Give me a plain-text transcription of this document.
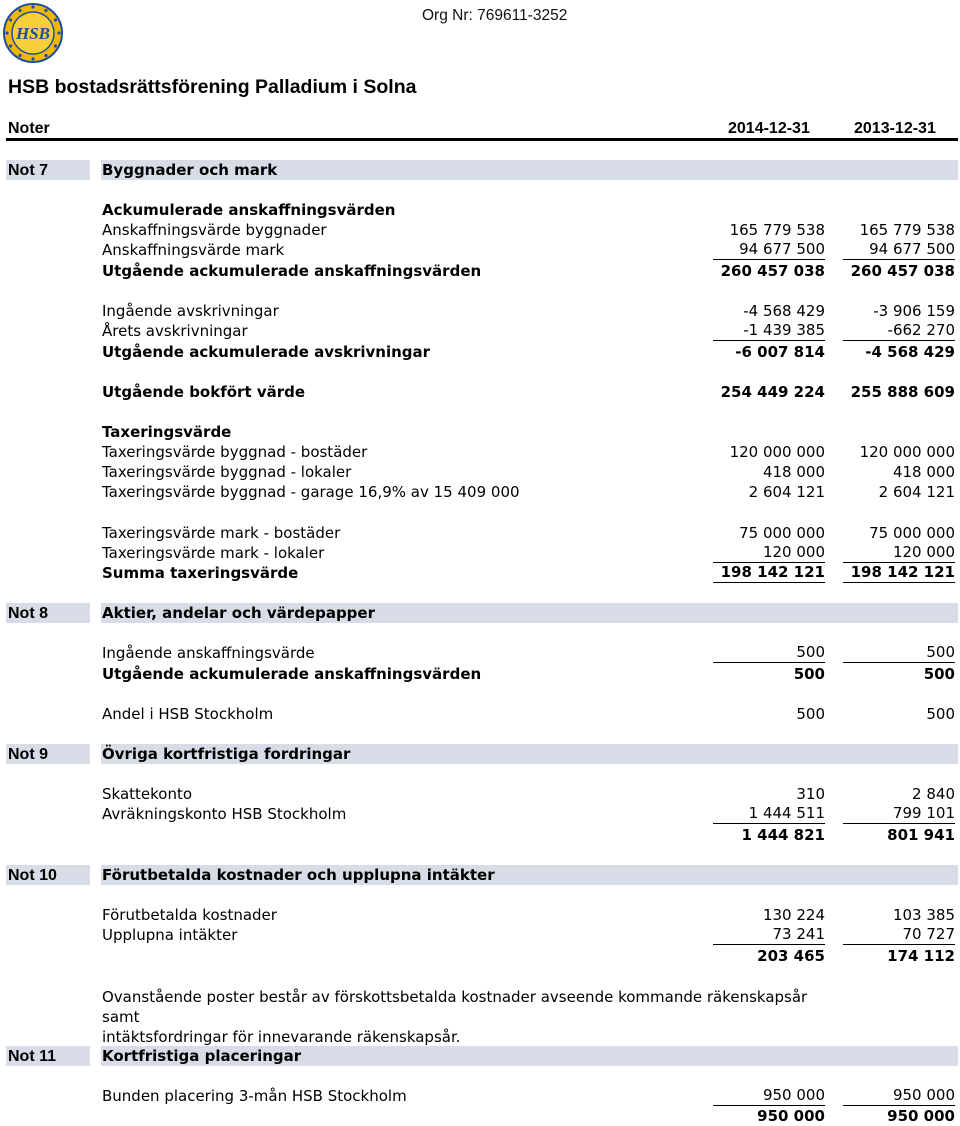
HSB
Org Nr: 769611-3252
HSB bostadsrättsförening Palladium i Solna
Noter	2014-12-31	2013-12-31
Not 7	Byggnader och mark
Ackumulerade anskaffningsvärden
Anskaffningsvärde byggnader	165 779 538	165 779 538
Anskaffningsvärde mark	94 677 500	94 677 500
Utgående ackumulerade anskaffningsvärden	260 457 038	260 457 038
Ingående avskrivningar	-4 568 429	-3 906 159
Årets avskrivningar	-1 439 385	-662 270
Utgående ackumulerade avskrivningar	-6 007 814	-4 568 429
Utgående bokfört värde	254 449 224	255 888 609
Taxeringsvärde
Taxeringsvärde byggnad - bostäder	120 000 000	120 000 000
Taxeringsvärde byggnad - lokaler	418 000	418 000
Taxeringsvärde byggnad - garage 16,9% av 15 409 000	2 604 121	2 604 121
Taxeringsvärde mark - bostäder	75 000 000	75 000 000
Taxeringsvärde mark - lokaler	120 000	120 000
Summa taxeringsvärde	198 142 121	198 142 121
Not 8	Aktier, andelar och värdepapper
Ingående anskaffningsvärde	500	500
Utgående ackumulerade anskaffningsvärden	500	500
Andel i HSB Stockholm	500	500
Not 9	Övriga kortfristiga fordringar
Skattekonto	310	2 840
Avräkningskonto HSB Stockholm	1 444 511	799 101
1 444 821	801 941
Not 10	Förutbetalda kostnader och upplupna intäkter
Förutbetalda kostnader	130 224	103 385
Upplupna intäkter	73 241	70 727
203 465	174 112
Ovanstående poster består av förskottsbetalda kostnader avseende kommande räkenskapsår samt
intäktsfordringar för innevarande räkenskapsår.
Not 11	Kortfristiga placeringar
Bunden placering 3-mån HSB Stockholm	950 000	950 000
950 000	950 000
